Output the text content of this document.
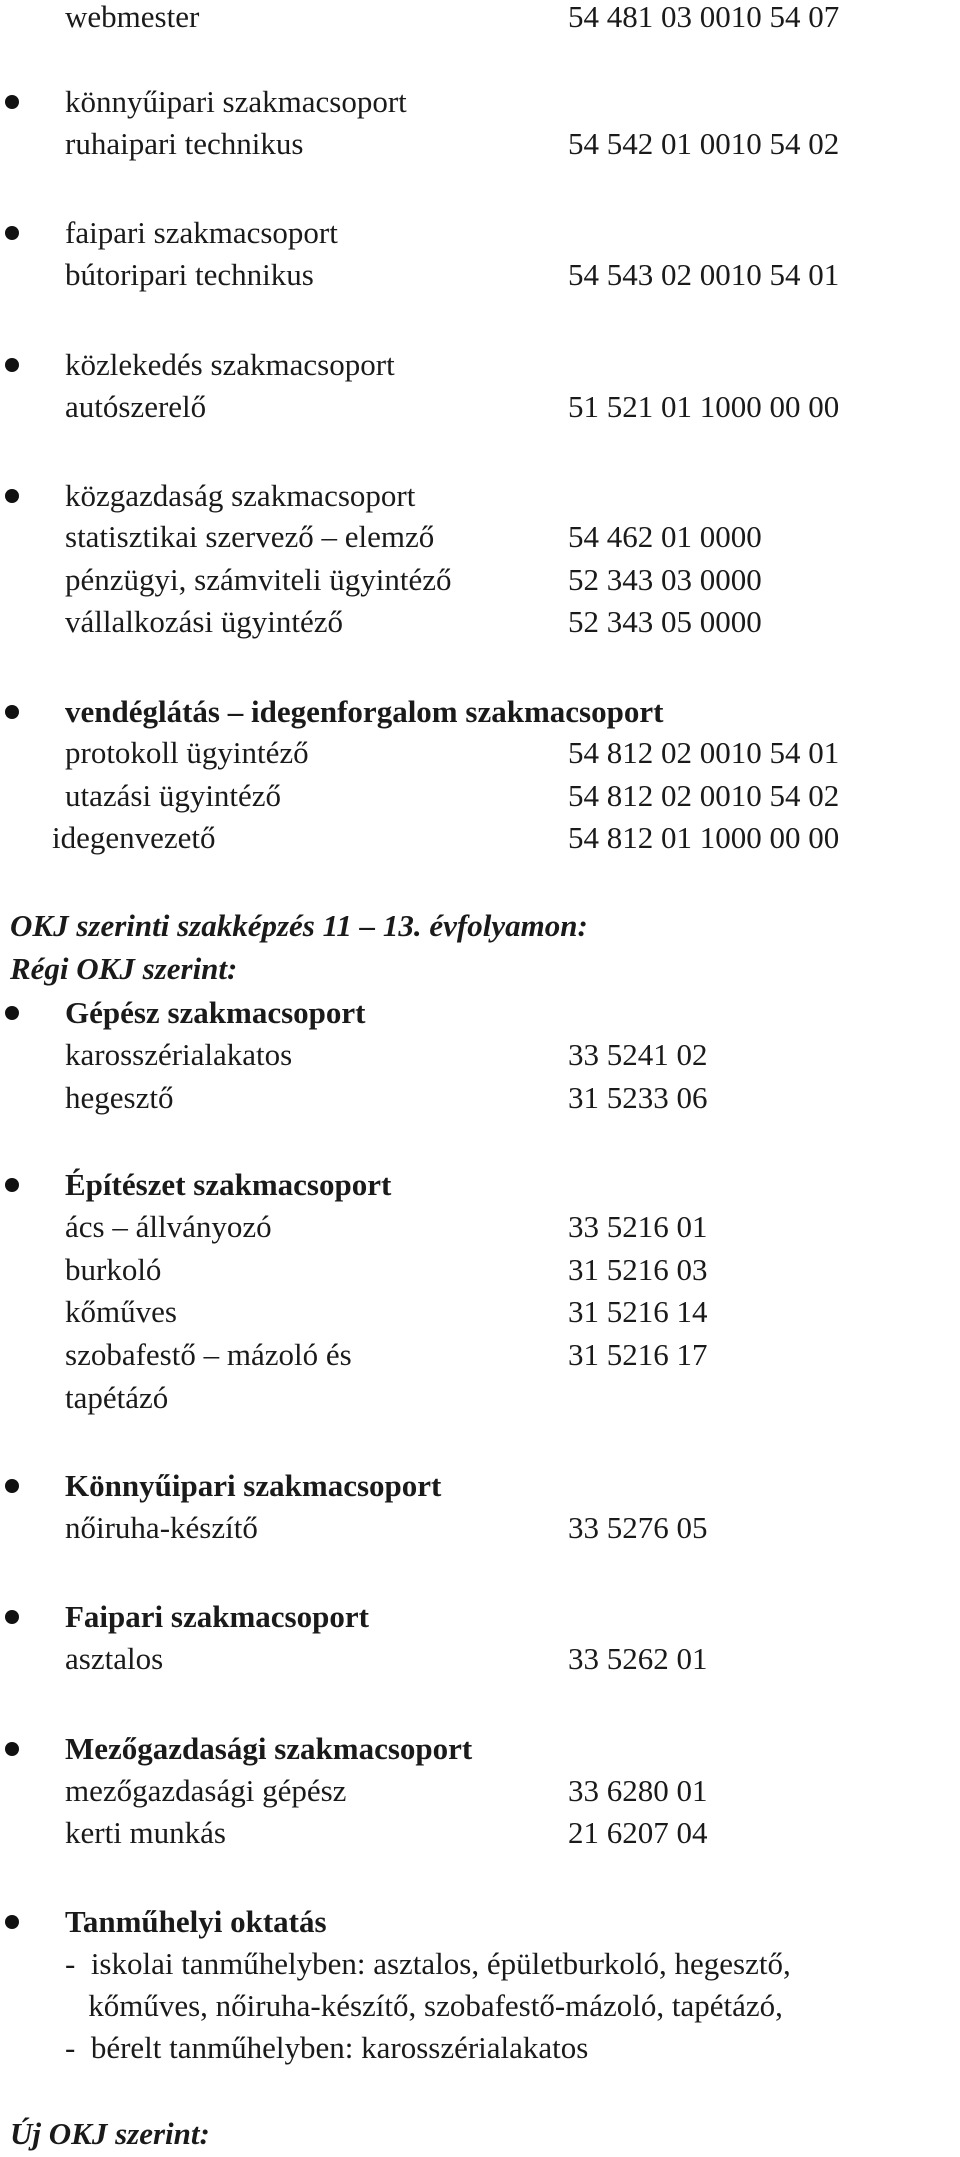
webmester	54 481 03 0010 54 07
könnyűipari szakmacsoport
ruhaipari technikus	54 542 01 0010 54 02
faipari szakmacsoport
bútoripari technikus	54 543 02 0010 54 01
közlekedés szakmacsoport
autószerelő	51 521 01 1000 00 00
közgazdaság szakmacsoport
statisztikai szervező – elemző	54 462 01 0000
pénzügyi, számviteli ügyintéző	52 343 03 0000
vállalkozási ügyintéző	52 343 05 0000
vendéglátás – idegenforgalom szakmacsoport
protokoll ügyintéző	54 812 02 0010 54 01
utazási ügyintéző	54 812 02 0010 54 02
idegenvezető	54 812 01 1000 00 00
OKJ szerinti szakképzés 11 – 13. évfolyamon:
Régi OKJ szerint:
Gépész szakmacsoport
karosszérialakatos	33 5241 02
hegesztő	31 5233 06
Építészet szakmacsoport
ács – állványozó	33 5216 01
burkoló	31 5216 03
kőműves	31 5216 14
szobafestő – mázoló és	31 5216 17
tapétázó
Könnyűipari szakmacsoport
nőiruha-készítő	33 5276 05
Faipari szakmacsoport
asztalos	33 5262 01
Mezőgazdasági szakmacsoport
mezőgazdasági gépész	33 6280 01
kerti munkás	21 6207 04
Tanműhelyi oktatás
-  iskolai tanműhelyben: asztalos, épületburkoló, hegesztő,
kőműves, nőiruha-készítő, szobafestő-mázoló, tapétázó,
-  bérelt tanműhelyben: karosszérialakatos
Új OKJ szerint:
